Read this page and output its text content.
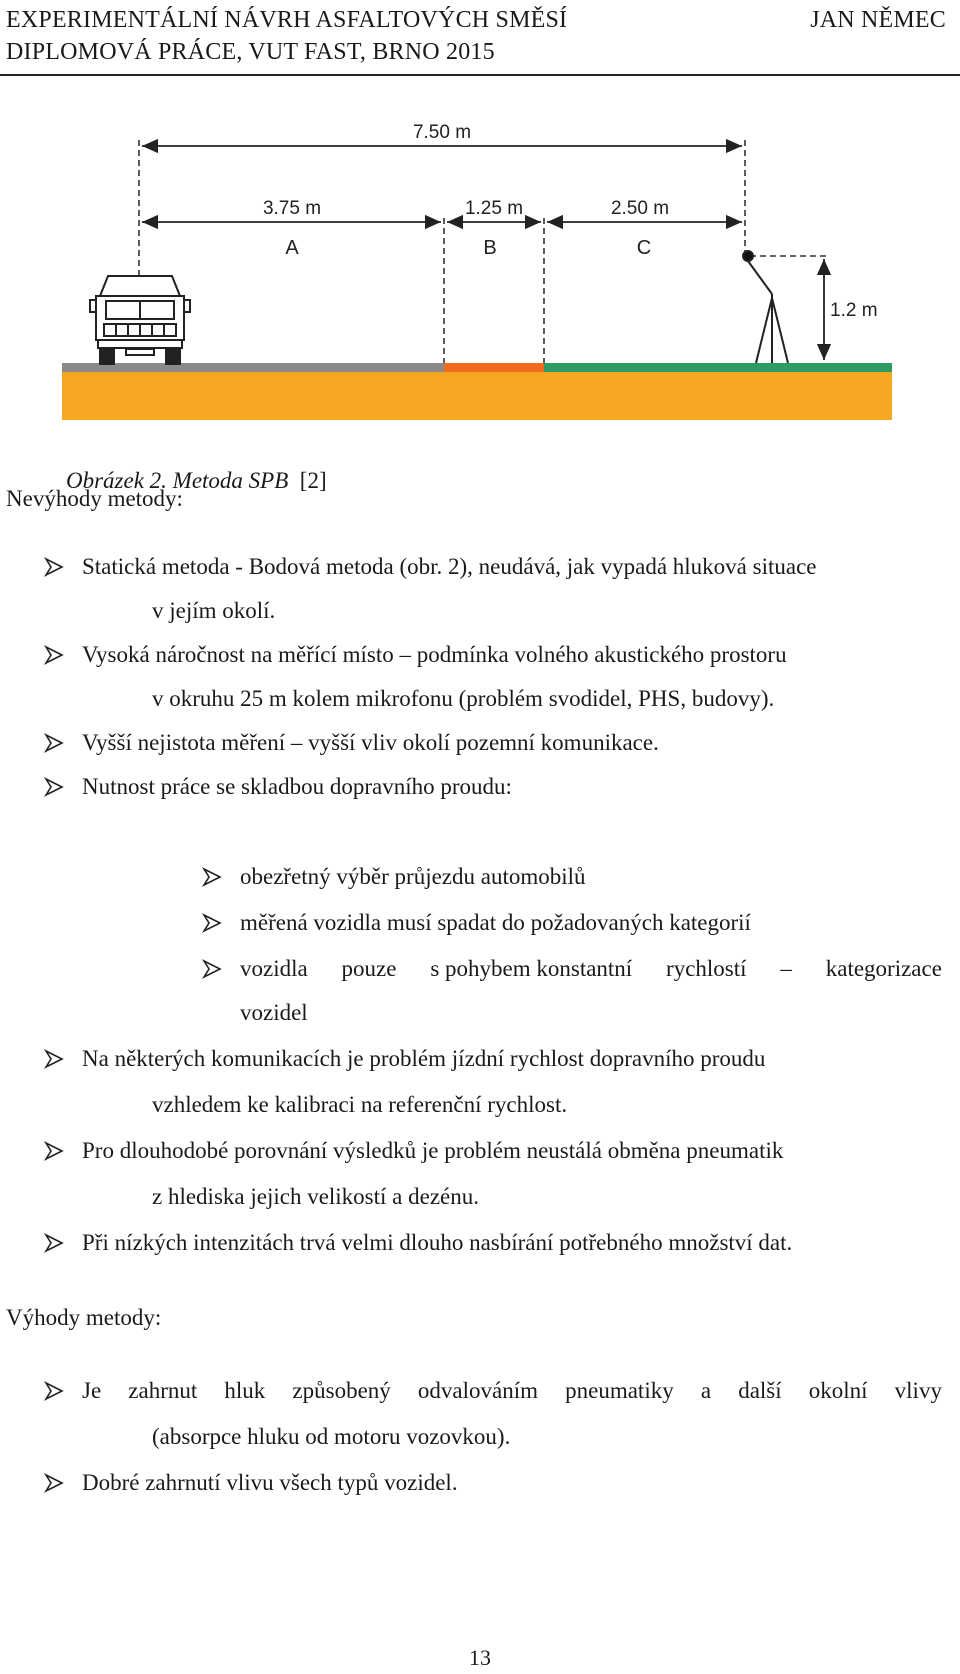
EXPERIMENTÁLNÍ NÁVRH ASFALTOVÝCH SMĚSÍ	JAN NĚMEC
DIPLOMOVÁ PRÁCE, VUT FAST, BRNO 2015
7.50 m
3.75 m	1.25 m	2.50 m
A	B	C
1.2 m
Obrázek 2. Metoda SPB [2]
Nevýhody metody:
Statická metoda - Bodová metoda (obr. 2), neudává, jak vypadá hluková situace
v jejím okolí.
Vysoká náročnost na měřící místo – podmínka volného akustického prostoru
v okruhu 25 m kolem mikrofonu (problém svodidel, PHS, budovy).
Vyšší nejistota měření – vyšší vliv okolí pozemní komunikace.
Nutnost práce se skladbou dopravního proudu:
obezřetný výběr průjezdu automobilů
měřená vozidla musí spadat do požadovaných kategorií
vozidla pouze s pohybem konstantní rychlostí – kategorizace
vozidel
Na některých komunikacích je problém jízdní rychlost dopravního proudu
vzhledem ke kalibraci na referenční rychlost.
Pro dlouhodobé porovnání výsledků je problém neustálá obměna pneumatik
z hlediska jejich velikostí a dezénu.
Při nízkých intenzitách trvá velmi dlouho nasbírání potřebného množství dat.
Výhody metody:
Je zahrnut hluk způsobený odvalováním pneumatiky a další okolní vlivy
(absorpce hluku od motoru vozovkou).
Dobré zahrnutí vlivu všech typů vozidel.
13
